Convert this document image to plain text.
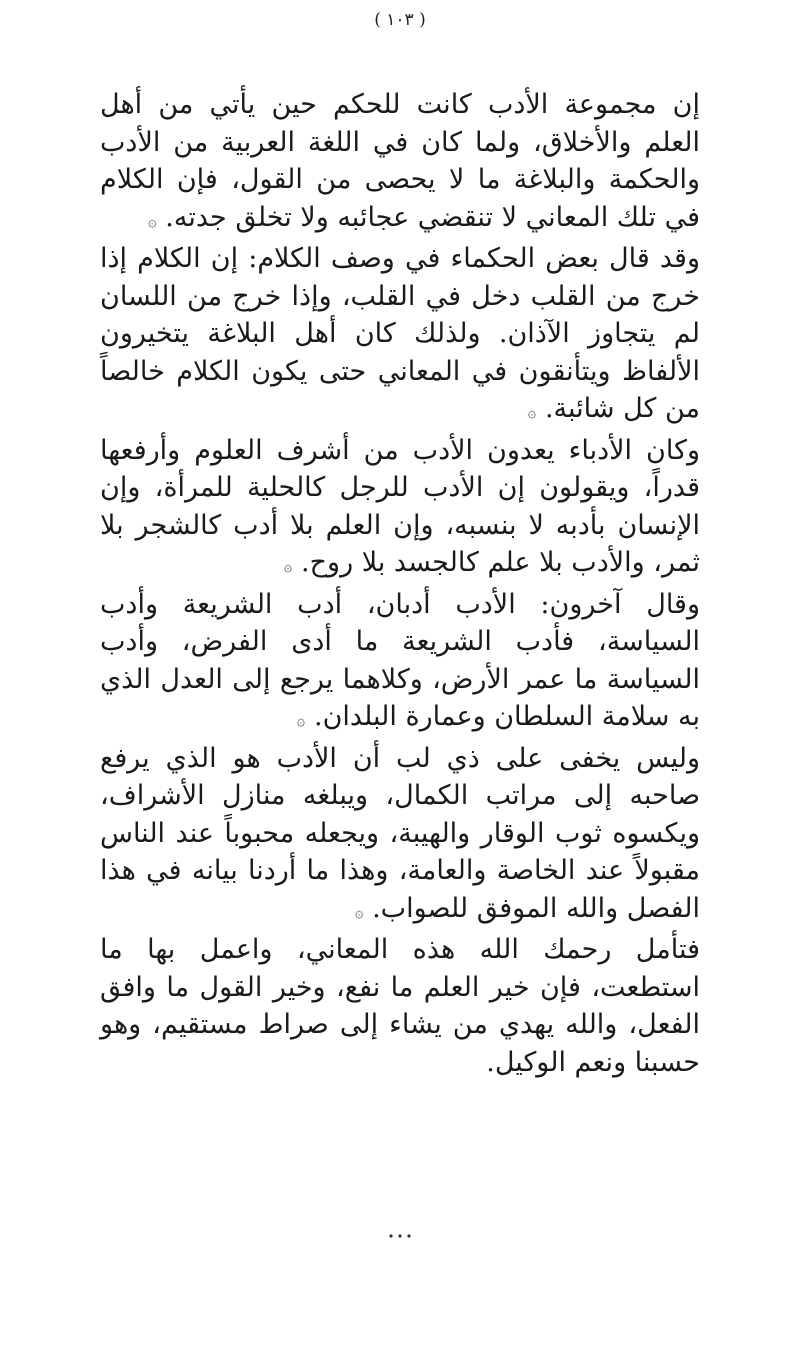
( ١٠٣ )

إن مجموعة الأدب كانت للحكم حين يأتي من أهل العلم والأخلاق، ولما كان في اللغة العربية من الأدب والحكمة والبلاغة ما لا يحصى من القول، فإن الكلام في تلك المعاني لا تنقضي عجائبه ولا تخلق جدته. ۞

وقد قال بعض الحكماء في وصف الكلام: إن الكلام إذا خرج من القلب دخل في القلب، وإذا خرج من اللسان لم يتجاوز الآذان. ولذلك كان أهل البلاغة يتخيرون الألفاظ ويتأنقون في المعاني حتى يكون الكلام خالصاً من كل شائبة. ۞

وكان الأدباء يعدون الأدب من أشرف العلوم وأرفعها قدراً، ويقولون إن الأدب للرجل كالحلية للمرأة، وإن الإنسان بأدبه لا بنسبه، وإن العلم بلا أدب كالشجر بلا ثمر، والأدب بلا علم كالجسد بلا روح. ۞

وقال آخرون: الأدب أدبان، أدب الشريعة وأدب السياسة، فأدب الشريعة ما أدى الفرض، وأدب السياسة ما عمر الأرض، وكلاهما يرجع إلى العدل الذي به سلامة السلطان وعمارة البلدان. ۞

وليس يخفى على ذي لب أن الأدب هو الذي يرفع صاحبه إلى مراتب الكمال، ويبلغه منازل الأشراف، ويكسوه ثوب الوقار والهيبة، ويجعله محبوباً عند الناس مقبولاً عند الخاصة والعامة، وهذا ما أردنا بيانه في هذا الفصل والله الموفق للصواب. ۞

فتأمل رحمك الله هذه المعاني، واعمل بها ما استطعت، فإن خير العلم ما نفع، وخير القول ما وافق الفعل، والله يهدي من يشاء إلى صراط مستقيم، وهو حسبنا ونعم الوكيل.
